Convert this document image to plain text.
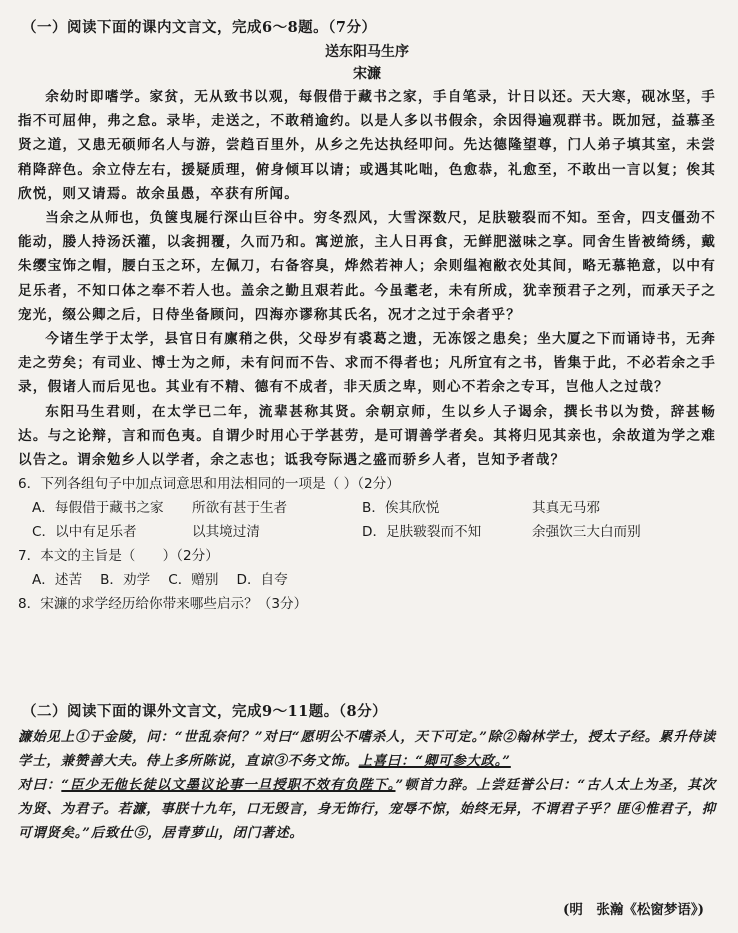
（一）阅读下面的课内文言文，完成6～8题。（7分）

送东阳马生序

宋濂

余幼时即嗜学。家贫，无从致书以观，每假借于藏书之家，手自笔录，计日以还。天大寒，砚冰坚，手指不可屈伸，弗之怠。录毕，走送之，不敢稍逾约。以是人多以书假余，余因得遍观群书。既加冠，益慕圣贤之道，又患无硕师名人与游，尝趋百里外，从乡之先达执经叩问。先达德隆望尊，门人弟子填其室，未尝稍降辞色。余立侍左右，援疑质理，俯身倾耳以请；或遇其叱咄，色愈恭，礼愈至，不敢出一言以复；俟其欣悦，则又请焉。故余虽愚，卒获有所闻。

当余之从师也，负箧曳屣行深山巨谷中。穷冬烈风，大雪深数尺，足肤皲裂而不知。至舍，四支僵劲不能动，媵人持汤沃灌，以衾拥覆，久而乃和。寓逆旅，主人日再食，无鲜肥滋味之享。同舍生皆被绮绣，戴朱缨宝饰之帽，腰白玉之环，左佩刀，右备容臭，烨然若神人；余则缊袍敝衣处其间，略无慕艳意，以中有足乐者，不知口体之奉不若人也。盖余之勤且艰若此。今虽耄老，未有所成，犹幸预君子之列，而承天子之宠光，缀公卿之后，日侍坐备顾问，四海亦谬称其氏名，况才之过于余者乎？

今诸生学于太学，县官日有廪稍之供，父母岁有裘葛之遗，无冻馁之患矣；坐大厦之下而诵诗书，无奔走之劳矣；有司业、博士为之师，未有问而不告、求而不得者也；凡所宜有之书，皆集于此，不必若余之手录，假诸人而后见也。其业有不精、德有不成者，非天质之卑，则心不若余之专耳，岂他人之过哉？

东阳马生君则，在太学已二年，流辈甚称其贤。余朝京师，生以乡人子谒余，撰长书以为贽，辞甚畅达。与之论辩，言和而色夷。自谓少时用心于学甚劳，是可谓善学者矣。其将归见其亲也，余故道为学之难以告之。谓余勉乡人以学者，余之志也；诋我夸际遇之盛而骄乡人者，岂知予者哉？

6．下列各组句子中加点词意思和用法相同的一项是（ ）（2分）

A．每假借于藏书之家	所欲有甚于生者	B．俟其欣悦	其真无马邪
C．以中有足乐者	以其境过清	D．足肤皲裂而不知	余强饮三大白而别

7．本文的主旨是（　　）（2分）

A．述苦 B．劝学 C．赠别 D．自夸

8．宋濂的求学经历给你带来哪些启示？（3分）

（二）阅读下面的课外文言文，完成9～11题。（8分）

濂始见上①于金陵，问：“世乱奈何？”对曰“愿明公不嗜杀人，天下可定。”除②翰林学士，授太子经。累升侍读学士，兼赞善大夫。侍上多所陈说，直谅③不务文饰。上喜曰：“卿可参大政。”
对曰：“臣少无他长徒以文墨议论事一旦授职不效有负陛下。”顿首力辞。上尝廷誉公曰：“古人太上为圣，其次为贤、为君子。若濂，事朕十九年，口无毁言，身无饰行，宠辱不惊，始终无异，不谓君子乎？匪④惟君子，抑可谓贤矣。”后致仕⑤，居青萝山，闭门著述。

(明　张瀚《松窗梦语》)
